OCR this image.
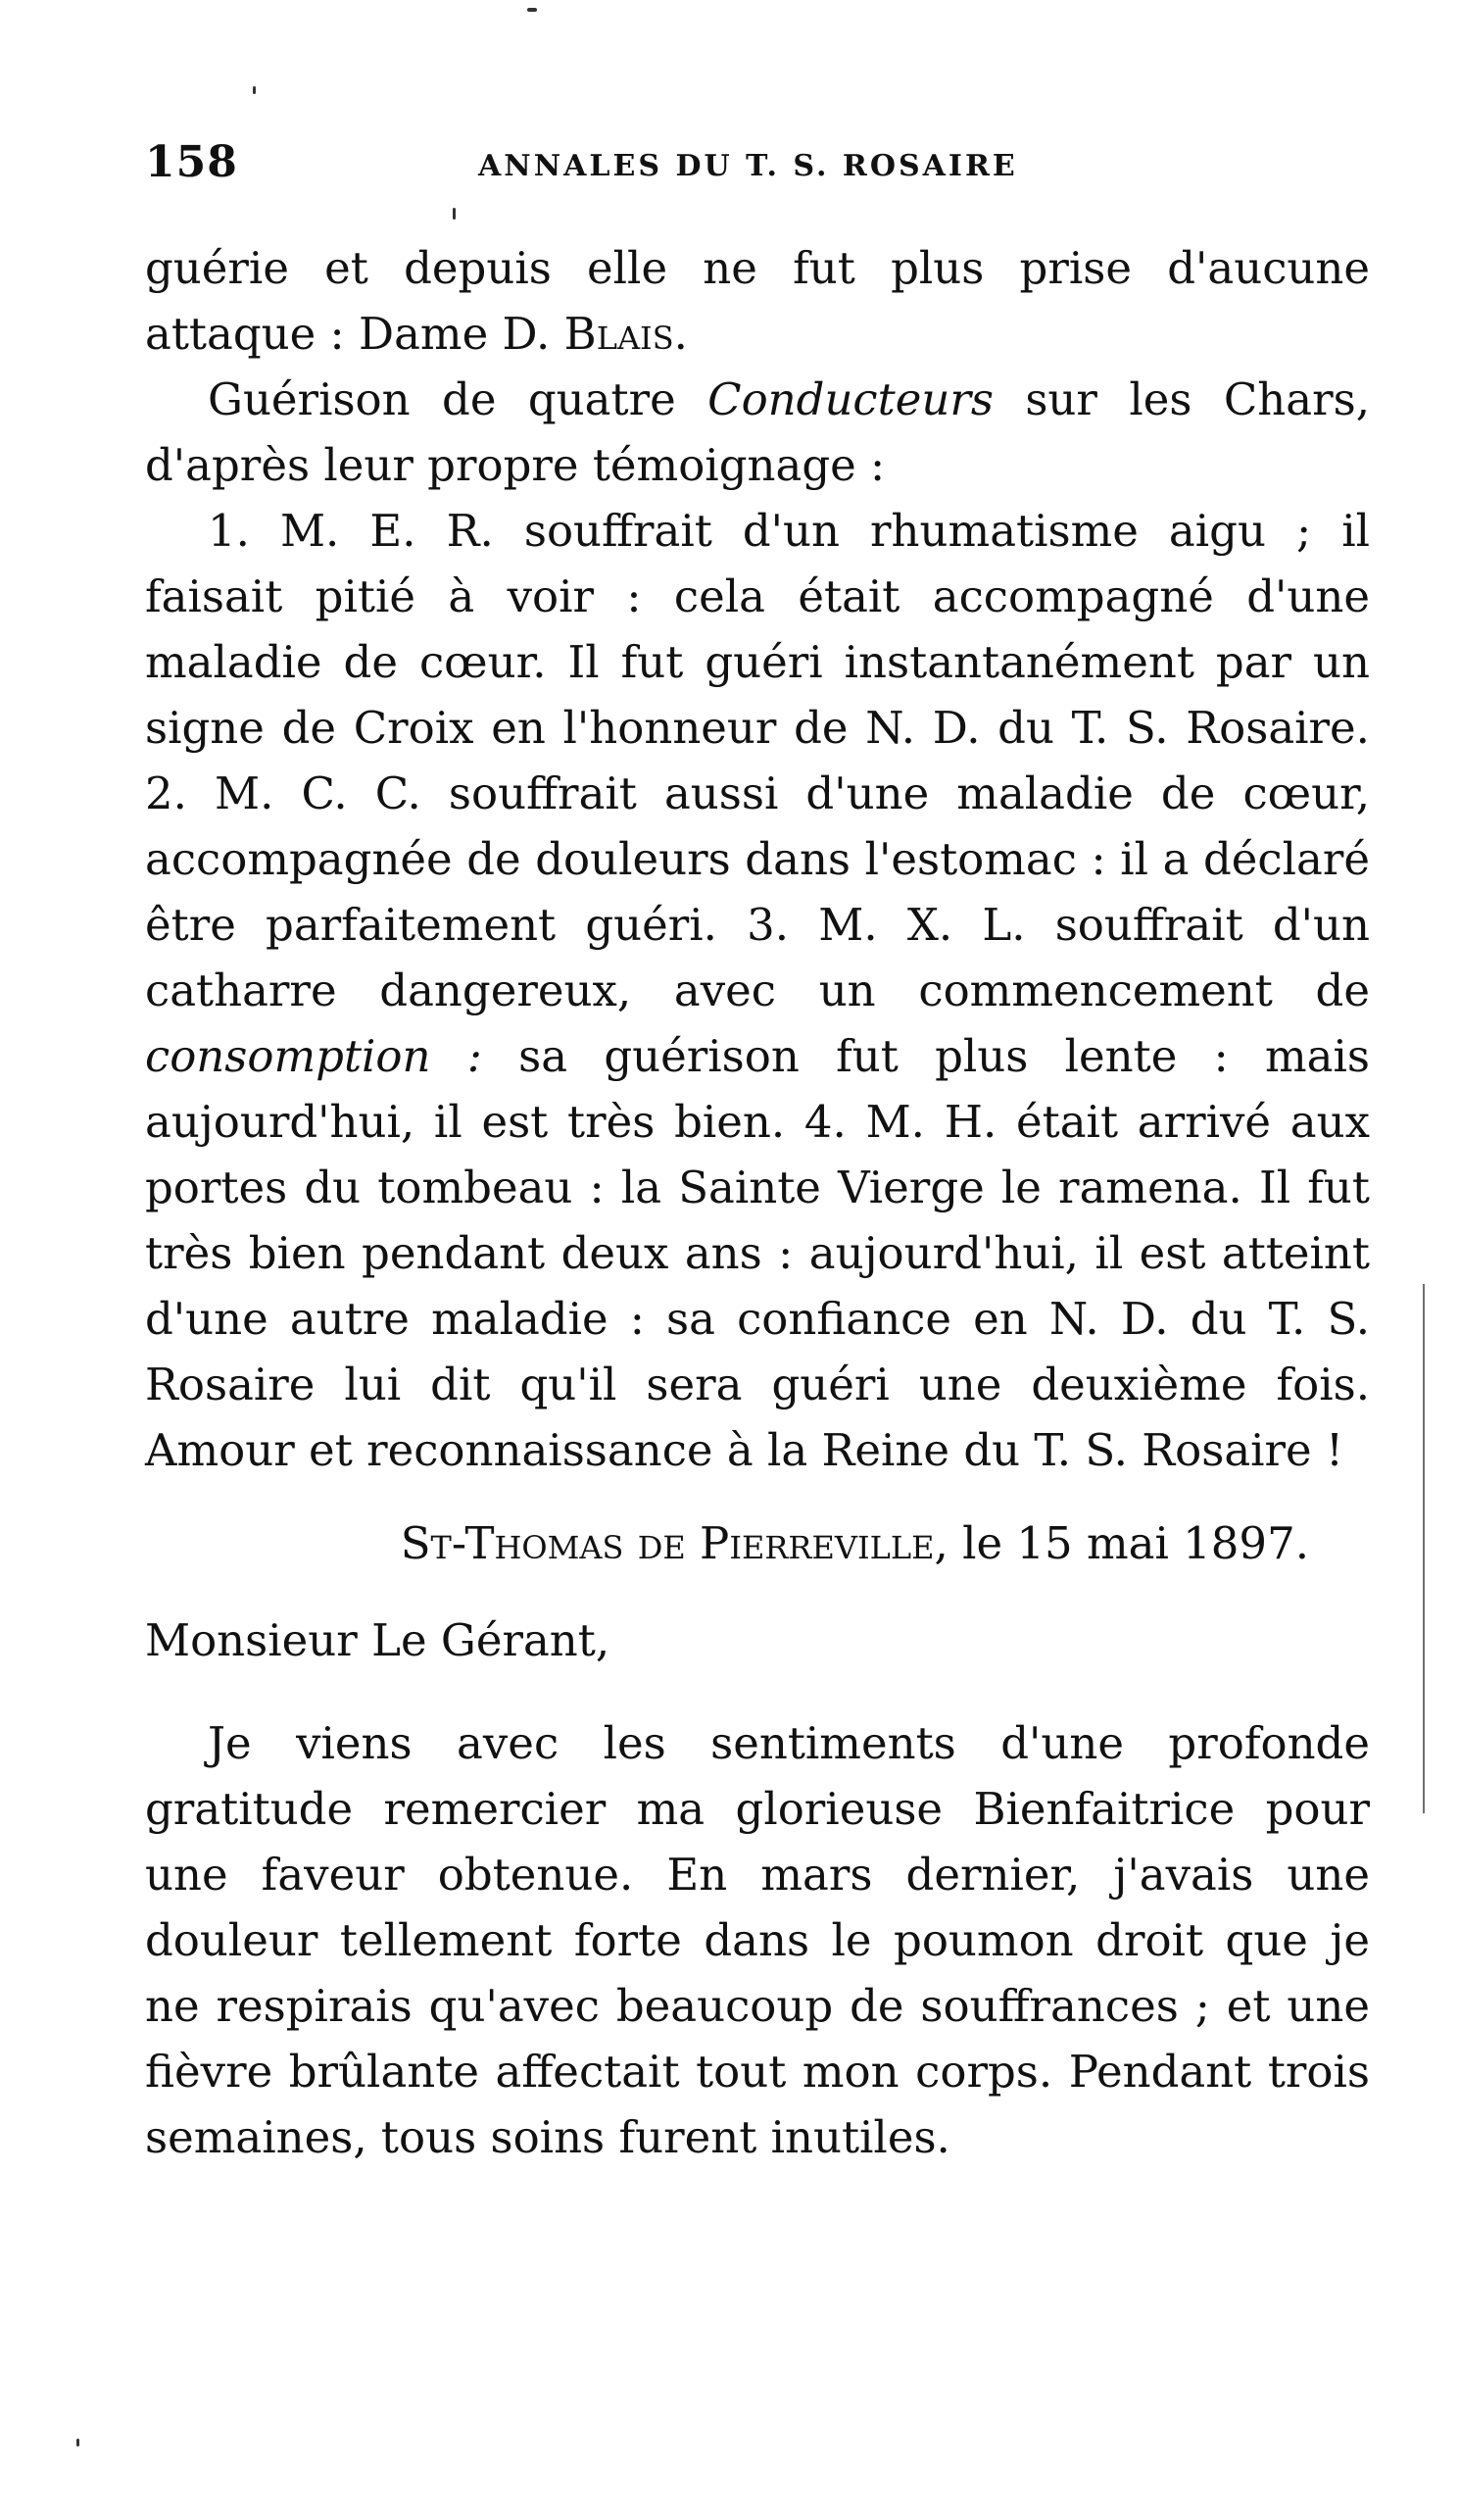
158	ANNALES DU T. S. ROSAIRE

guérie et depuis elle ne fut plus prise d'aucune attaque : Dame D. Blais.

Guérison de quatre Conducteurs sur les Chars, d'après leur propre témoignage :

1. M. E. R. souffrait d'un rhumatisme aigu ; il faisait pitié à voir : cela était accompagné d'une maladie de cœur. Il fut guéri instantanément par un signe de Croix en l'honneur de N. D. du T. S. Rosaire. 2. M. C. C. souffrait aussi d'une maladie de cœur, accompagnée de douleurs dans l'estomac : il a déclaré être parfaitement guéri. 3. M. X. L. souffrait d'un catharre dangereux, avec un commencement de consomption : sa guérison fut plus lente : mais aujourd'hui, il est très bien. 4. M. H. était arrivé aux portes du tombeau : la Sainte Vierge le ramena. Il fut très bien pendant deux ans : aujourd'hui, il est atteint d'une autre maladie : sa confiance en N. D. du T. S. Rosaire lui dit qu'il sera guéri une deuxième fois. Amour et reconnaissance à la Reine du T. S. Rosaire !

St-Thomas de Pierreville, le 15 mai 1897.

Monsieur Le Gérant,

Je viens avec les sentiments d'une profonde gratitude remercier ma glorieuse Bienfaitrice pour une faveur obtenue. En mars dernier, j'avais une douleur tellement forte dans le poumon droit que je ne respirais qu'avec beaucoup de souffrances ; et une fièvre brûlante affectait tout mon corps. Pendant trois semaines, tous soins furent inutiles.
